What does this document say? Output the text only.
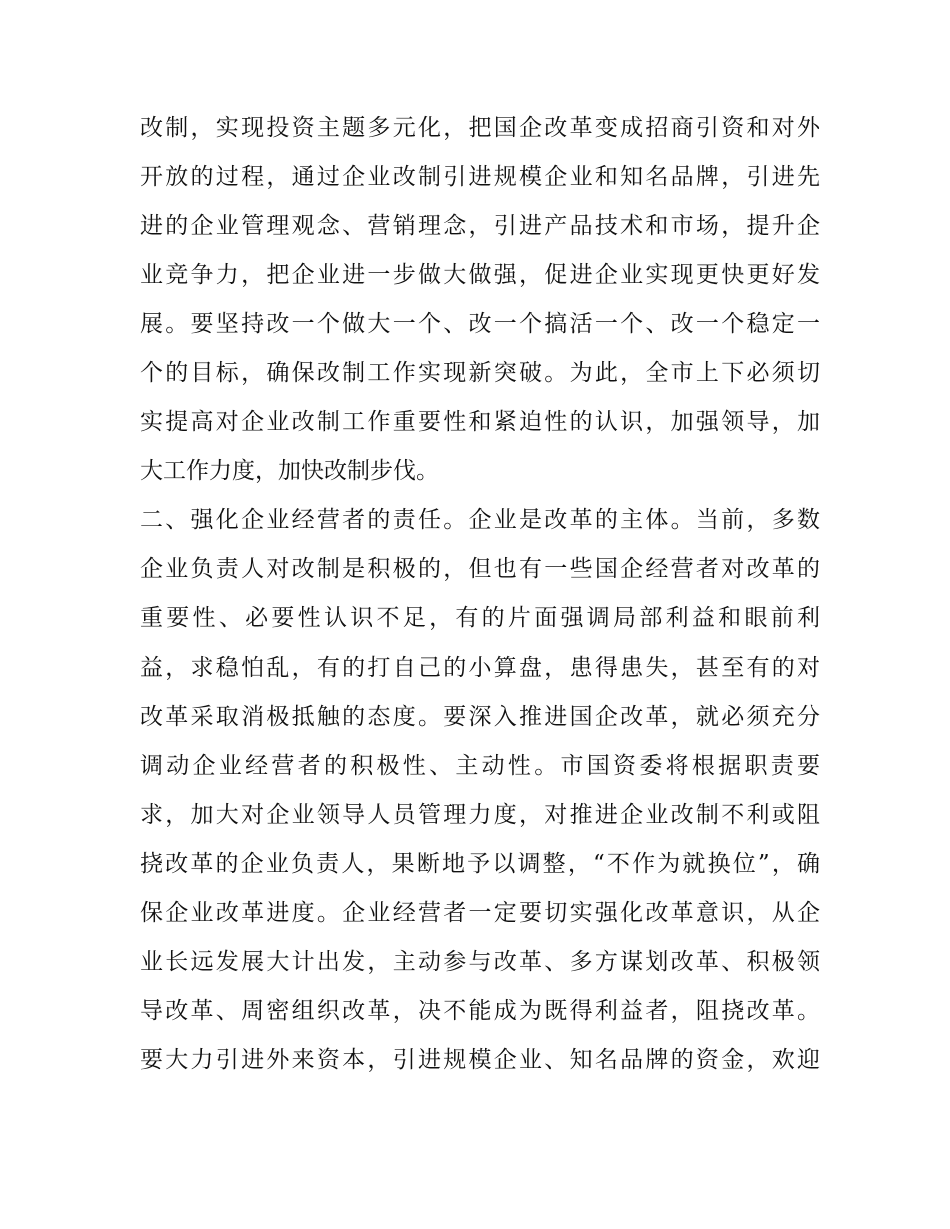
改制，实现投资主题多元化，把国企改革变成招商引资和对外
开放的过程，通过企业改制引进规模企业和知名品牌，引进先
进的企业管理观念、营销理念，引进产品技术和市场，提升企
业竞争力，把企业进一步做大做强，促进企业实现更快更好发
展。要坚持改一个做大一个、改一个搞活一个、改一个稳定一
个的目标，确保改制工作实现新突破。为此，全市上下必须切
实提高对企业改制工作重要性和紧迫性的认识，加强领导，加
大工作力度，加快改制步伐。
二、强化企业经营者的责任。企业是改革的主体。当前，多数
企业负责人对改制是积极的，但也有一些国企经营者对改革的
重要性、必要性认识不足，有的片面强调局部利益和眼前利
益，求稳怕乱，有的打自己的小算盘，患得患失，甚至有的对
改革采取消极抵触的态度。要深入推进国企改革，就必须充分
调动企业经营者的积极性、主动性。市国资委将根据职责要
求，加大对企业领导人员管理力度，对推进企业改制不利或阻
挠改革的企业负责人，果断地予以调整，“不作为就换位”，确
保企业改革进度。企业经营者一定要切实强化改革意识，从企
业长远发展大计出发，主动参与改革、多方谋划改革、积极领
导改革、周密组织改革，决不能成为既得利益者，阻挠改革。
要大力引进外来资本，引进规模企业、知名品牌的资金，欢迎
